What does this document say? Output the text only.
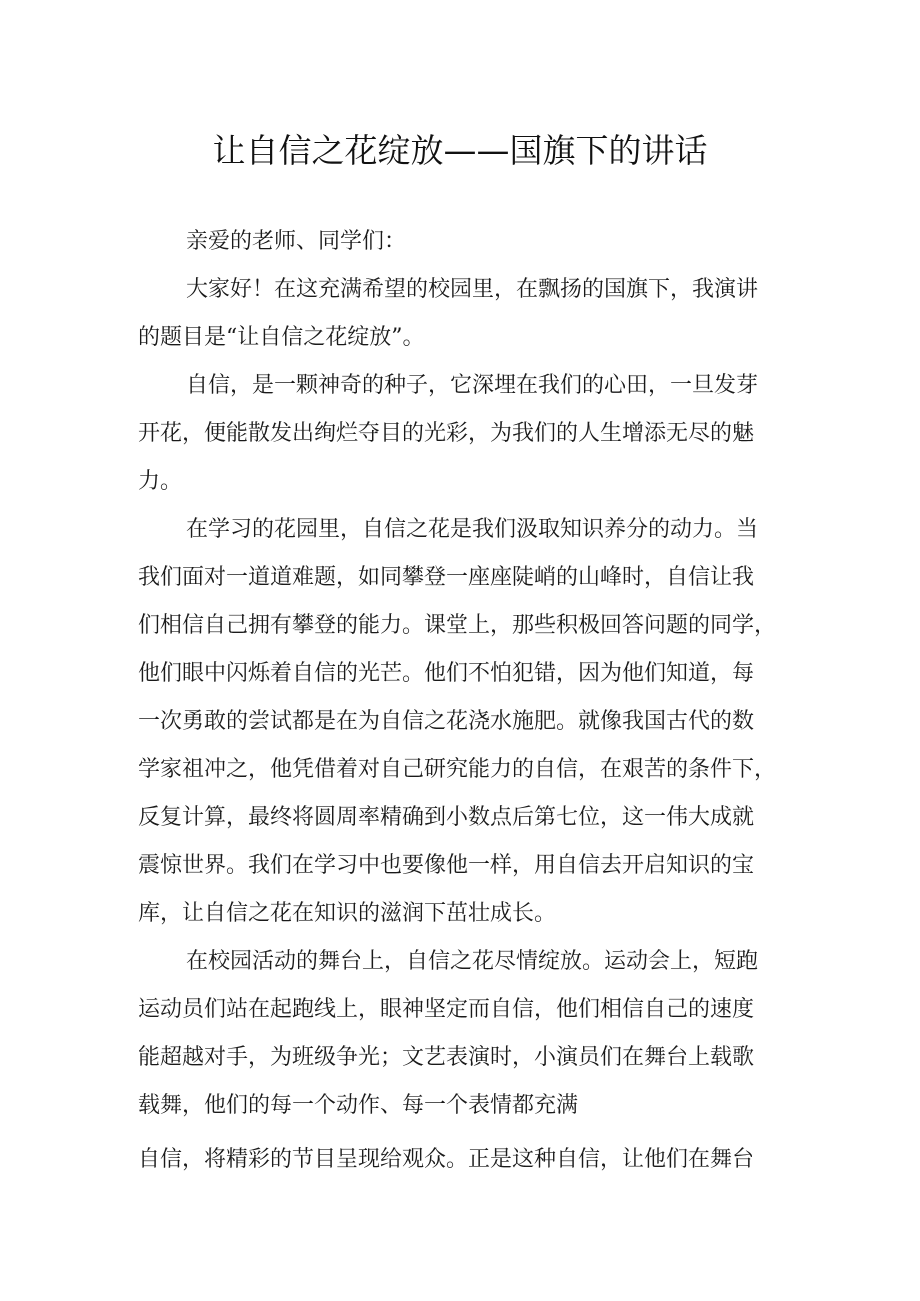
让自信之花绽放——国旗下的讲话
亲爱的老师、同学们：
大家好！在这充满希望的校园里，在飘扬的国旗下，我演讲
的题目是“让自信之花绽放”。
自信，是一颗神奇的种子，它深埋在我们的心田，一旦发芽
开花，便能散发出绚烂夺目的光彩，为我们的人生增添无尽的魅
力。
在学习的花园里，自信之花是我们汲取知识养分的动力。当
我们面对一道道难题，如同攀登一座座陡峭的山峰时，自信让我
们相信自己拥有攀登的能力。课堂上，那些积极回答问题的同学，
他们眼中闪烁着自信的光芒。他们不怕犯错，因为他们知道，每
一次勇敢的尝试都是在为自信之花浇水施肥。就像我国古代的数
学家祖冲之，他凭借着对自己研究能力的自信，在艰苦的条件下，
反复计算，最终将圆周率精确到小数点后第七位，这一伟大成就
震惊世界。我们在学习中也要像他一样，用自信去开启知识的宝
库，让自信之花在知识的滋润下茁壮成长。
在校园活动的舞台上，自信之花尽情绽放。运动会上，短跑
运动员们站在起跑线上，眼神坚定而自信，他们相信自己的速度
能超越对手，为班级争光；文艺表演时，小演员们在舞台上载歌
载舞，他们的每一个动作、每一个表情都充满
自信，将精彩的节目呈现给观众。正是这种自信，让他们在舞台
